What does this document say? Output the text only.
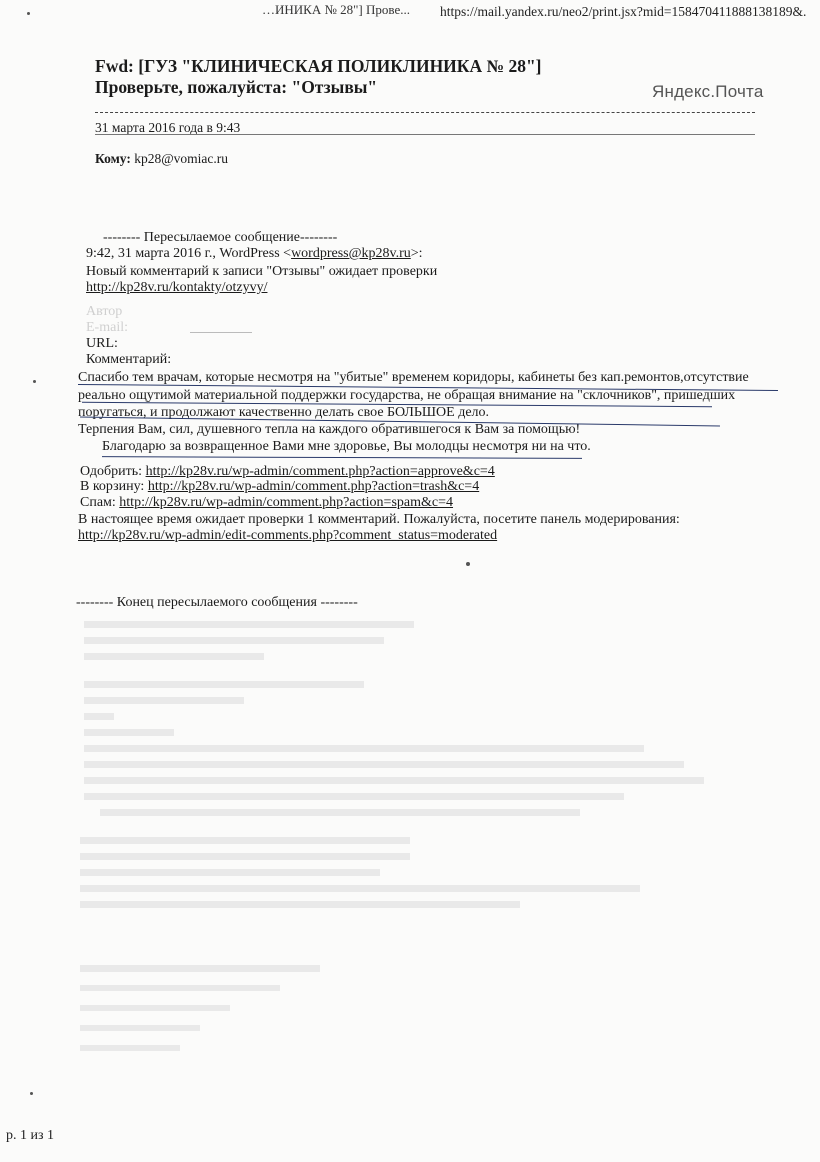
…ИНИКА № 28"] Прове... https://mail.yandex.ru/neo2/print.jsx?mid=158470411888138189&.
Fwd: [ГУЗ "КЛИНИЧЕСКАЯ ПОЛИКЛИНИКА № 28"] Проверьте, пожалуйста: "Отзывы"	Яндекс.Почта
31 марта 2016 года в 9:43
Кому: kp28@vomiac.ru
-------- Пересылаемое сообщение--------
9:42, 31 марта 2016 г., WordPress <wordpress@kp28v.ru>:
Новый комментарий к записи "Отзывы" ожидает проверки
http://kp28v.ru/kontakty/otzyvy/
Автор
E-mail:
URL:
Комментарий:
Спасибо тем врачам, которые несмотря на "убитые" временем коридоры, кабинеты без кап.ремонтов,отсутствие
реально ощутимой материальной поддержки государства, не обращая внимание на "склочников", пришедших
поругаться, и продолжают качественно делать свое БОЛЬШОЕ дело.
Терпения Вам, сил, душевного тепла на каждого обратившегося к Вам за помощью!
Благодарю за возвращенное Вами мне здоровье, Вы молодцы несмотря ни на что.
Одобрить: http://kp28v.ru/wp-admin/comment.php?action=approve&c=4
В корзину: http://kp28v.ru/wp-admin/comment.php?action=trash&c=4
Спам: http://kp28v.ru/wp-admin/comment.php?action=spam&c=4
В настоящее время ожидает проверки 1 комментарий. Пожалуйста, посетите панель модерирования:
http://kp28v.ru/wp-admin/edit-comments.php?comment_status=moderated
-------- Конец пересылаемого сообщения --------
р. 1 из 1
